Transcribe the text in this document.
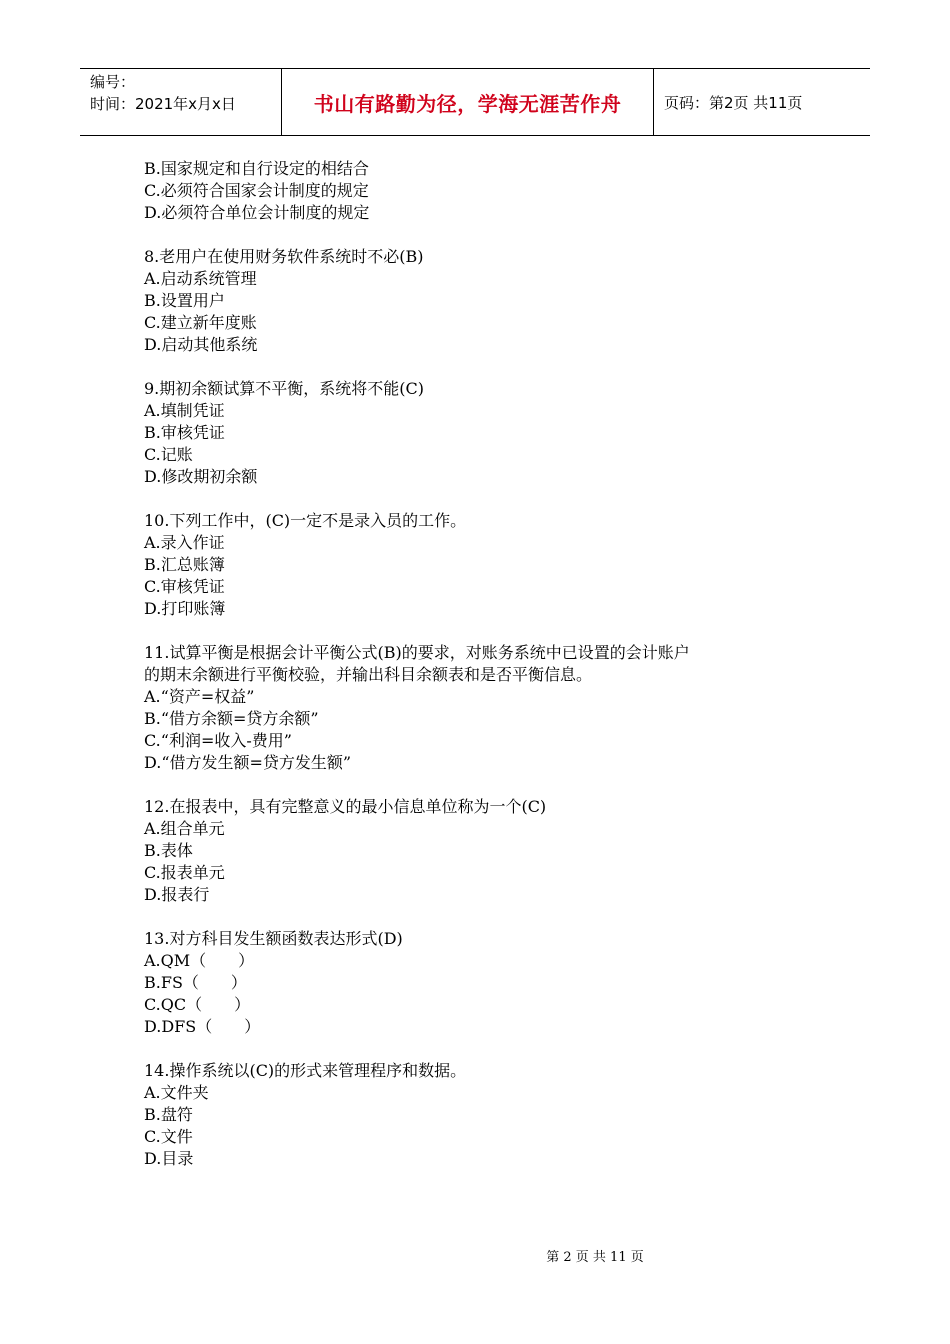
编号：
时间：2021年x月x日	书山有路勤为径，学海无涯苦作舟	页码：第2页 共11页
B.国家规定和自行设定的相结合
C.必须符合国家会计制度的规定
D.必须符合单位会计制度的规定
8.老用户在使用财务软件系统时不必(B)
A.启动系统管理
B.设置用户
C.建立新年度账
D.启动其他系统
9.期初余额试算不平衡，系统将不能(C)
A.填制凭证
B.审核凭证
C.记账
D.修改期初余额
10.下列工作中，(C)一定不是录入员的工作。
A.录入作证
B.汇总账簿
C.审核凭证
D.打印账簿
11.试算平衡是根据会计平衡公式(B)的要求，对账务系统中已设置的会计账户
的期末余额进行平衡校验，并输出科目余额表和是否平衡信息。
A.“资产=权益”
B.“借方余额=贷方余额”
C.“利润=收入-费用”
D.“借方发生额=贷方发生额”
12.在报表中，具有完整意义的最小信息单位称为一个(C)
A.组合单元
B.表体
C.报表单元
D.报表行
13.对方科目发生额函数表达形式(D)
A.QM（　　）
B.FS（　　）
C.QC（　　）
D.DFS（　　）
14.操作系统以(C)的形式来管理程序和数据。
A.文件夹
B.盘符
C.文件
D.目录
第 2 页 共 11 页
